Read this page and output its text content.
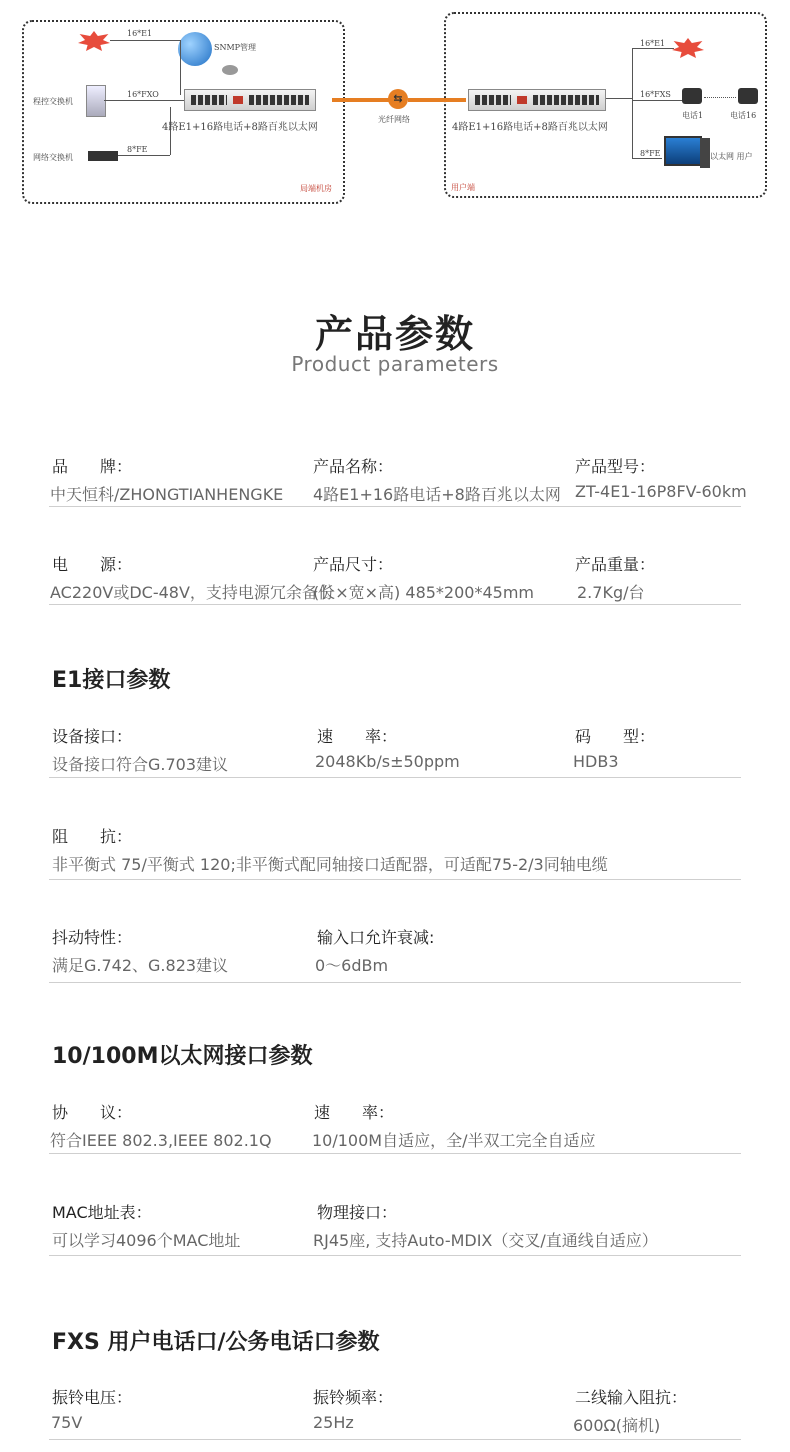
SNMP管理
程控交换机
网络交换机
16*E1
16*FXO
8*FE
4路E1+16路电话+8路百兆以太网
局端机房
⇆
光纤网络
4路E1+16路电话+8路百兆以太网
16*E1
16*FXS
8*FE
电话1	电话16
以太网 用户
用户端
产品参数
Product parameters
品　　牌：
中天恒科/ZHONGTIANHENGKE
产品名称：
4路E1+16路电话+8路百兆以太网
产品型号：
ZT-4E1-16P8FV-60km
电　　源：
AC220V或DC-48V，支持电源冗余备份
产品尺寸：
(长×宽×高) 485*200*45mm
产品重量：
2.7Kg/台
E1接口参数
设备接口：
设备接口符合G.703建议
速　　率：
2048Kb/s±50ppm
码　　型：
HDB3
阻　　抗：
非平衡式 75/平衡式 120;非平衡式配同轴接口适配器，可适配75-2/3同轴电缆
抖动特性：
满足G.742、G.823建议
输入口允许衰减:
0～6dBm
10/100M以太网接口参数
协　　议：
符合IEEE 802.3,IEEE 802.1Q
速　　率：
10/100M自适应，全/半双工完全自适应
MAC地址表：
可以学习4096个MAC地址
物理接口：
RJ45座, 支持Auto-MDIX（交叉/直通线自适应）
FXS 用户电话口/公务电话口参数
振铃电压：
75V
振铃频率：
25Hz
二线输入阻抗：
600Ω(摘机)
